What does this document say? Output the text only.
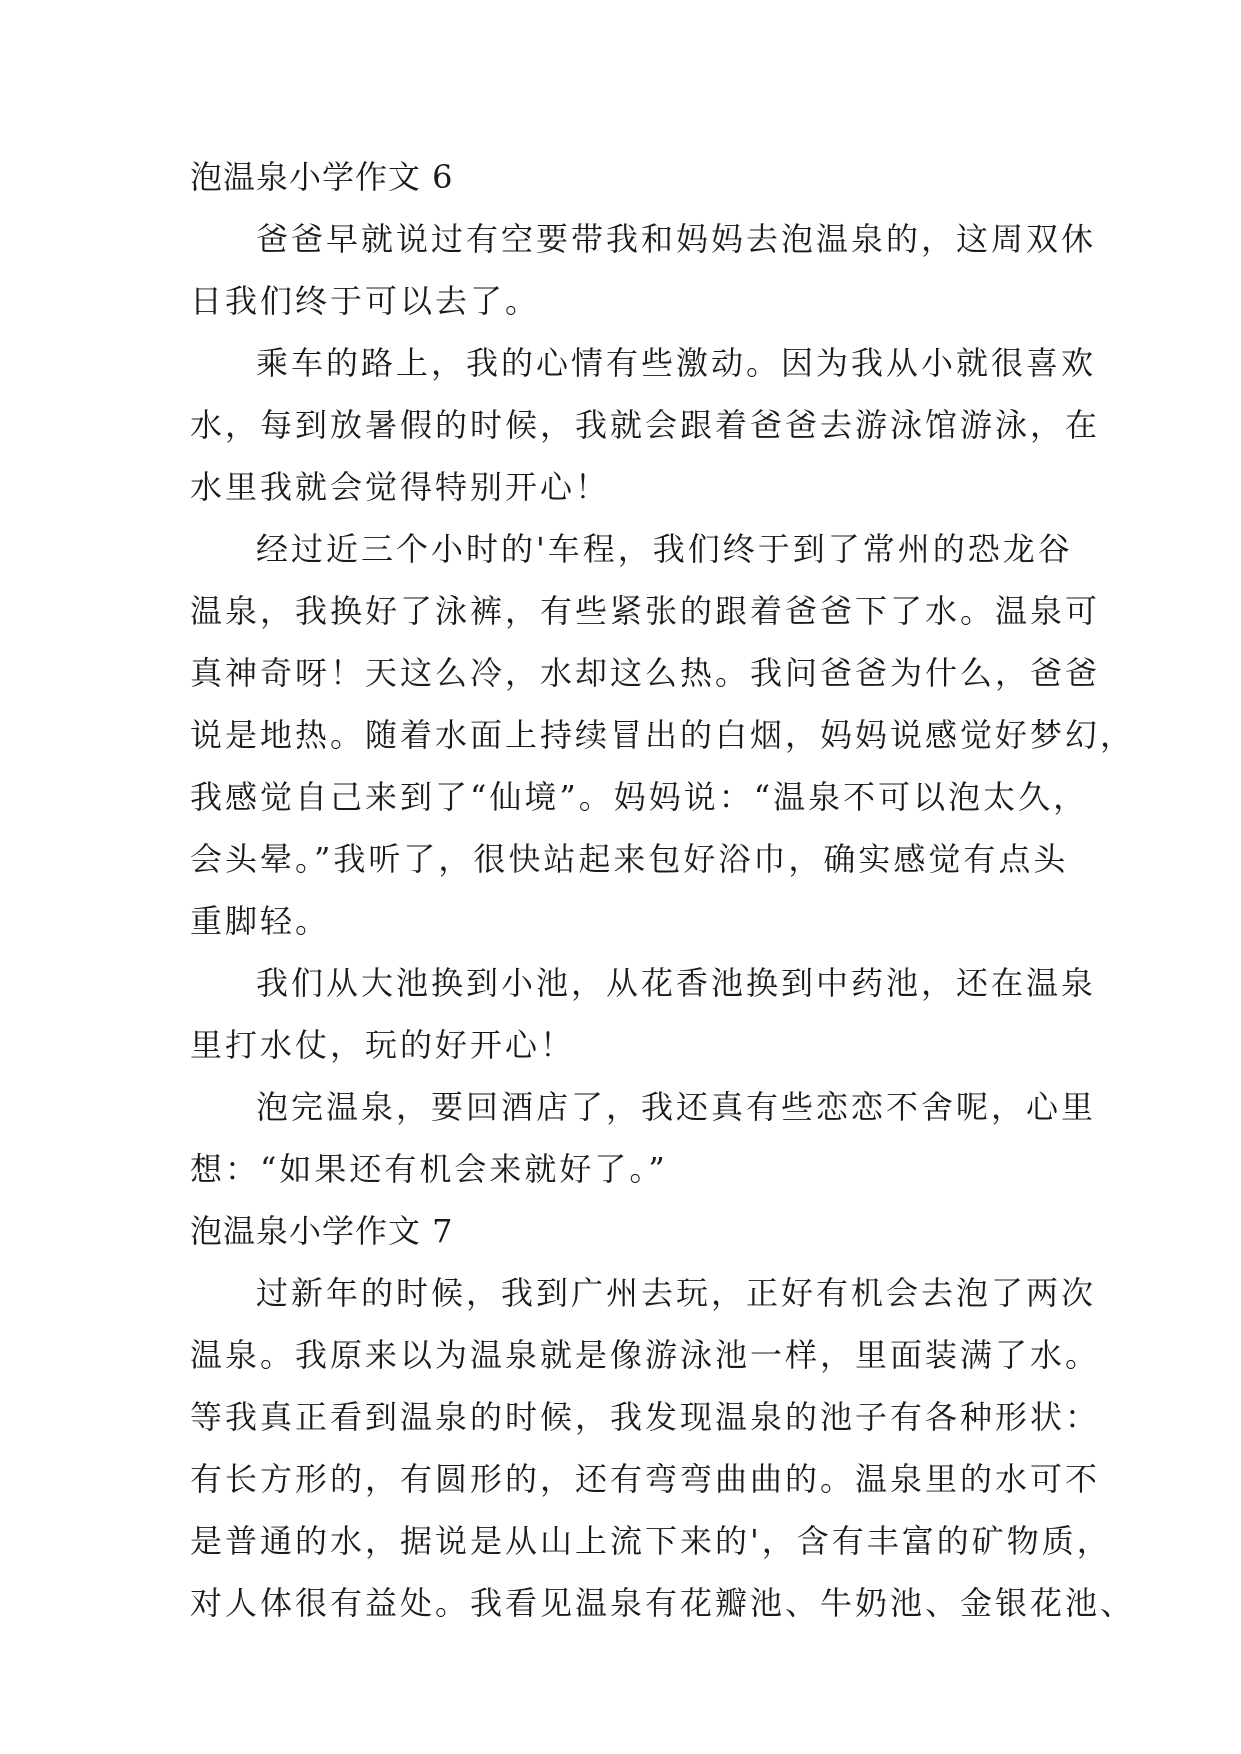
泡温泉小学作文 6
爸爸早就说过有空要带我和妈妈去泡温泉的，这周双休
日我们终于可以去了。
乘车的路上，我的心情有些激动。因为我从小就很喜欢
水，每到放暑假的时候，我就会跟着爸爸去游泳馆游泳，在
水里我就会觉得特别开心！
经过近三个小时的'车程，我们终于到了常州的恐龙谷
温泉，我换好了泳裤，有些紧张的跟着爸爸下了水。温泉可
真神奇呀！天这么冷，水却这么热。我问爸爸为什么，爸爸
说是地热。随着水面上持续冒出的白烟，妈妈说感觉好梦幻，
我感觉自己来到了“仙境”。妈妈说：“温泉不可以泡太久，
会头晕。”我听了，很快站起来包好浴巾，确实感觉有点头
重脚轻。
我们从大池换到小池，从花香池换到中药池，还在温泉
里打水仗，玩的好开心！
泡完温泉，要回酒店了，我还真有些恋恋不舍呢，心里
想：“如果还有机会来就好了。”
泡温泉小学作文 7
过新年的时候，我到广州去玩，正好有机会去泡了两次
温泉。我原来以为温泉就是像游泳池一样，里面装满了水。
等我真正看到温泉的时候，我发现温泉的池子有各种形状：
有长方形的，有圆形的，还有弯弯曲曲的。温泉里的水可不
是普通的水，据说是从山上流下来的'，含有丰富的矿物质，
对人体很有益处。我看见温泉有花瓣池、牛奶池、金银花池、
